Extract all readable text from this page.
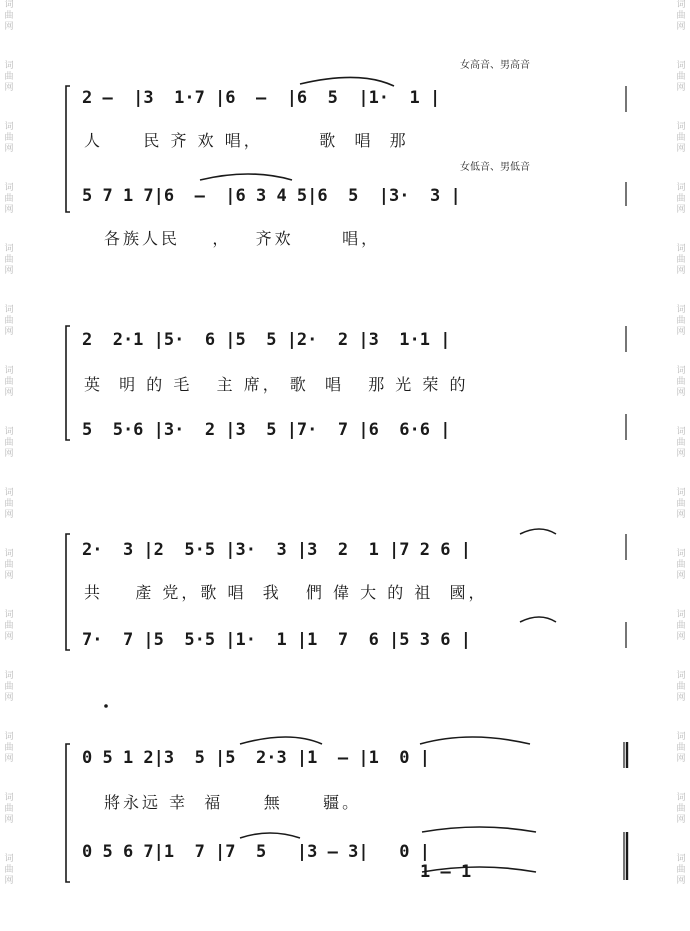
词
曲
网
词
曲
网
词
曲
网
词
曲
网
词
曲
网
词
曲
网
词
曲
网
词
曲
网
词
曲
网
词
曲
网
词
曲
网
词
曲
网
词
曲
网
词
曲
网
词
曲
网
词
曲
网
词
曲
网
词
曲
网
词
曲
网
词
曲
网
词
曲
网
词
曲
网
词
曲
网
词
曲
网
词
曲
网
词
曲
网
词
曲
网
词
曲
网
词
曲
网
词
曲
网
女高音、男高音
女低音、男低音
2 –  |3  1·7 |6  –  |6  5  |1·  1 |
人     民 齐 欢 唱，       歌  唱  那
5 7 1 7|6  –  |6 3 4 5|6  5  |3·  3 |
各族人民    ，   齐欢      唱，
2  2·1 |5·  6 |5  5 |2·  2 |3  1·1 |
英  明 的 毛   主 席， 歌  唱   那 光 荣 的
5  5·6 |3·  2 |3  5 |7·  7 |6  6·6 |
2·  3 |2  5·5 |3·  3 |3  2  1 |7 2 6 |
共    產 党，歌 唱  我   們 偉 大 的 祖  國，
7·  7 |5  5·5 |1·  1 |1  7  6 |5 3 6 |
0 5 1 2|3  5 |5  2·3 |1  – |1  0 |
將永远 幸  福     無     疆。
0 5 6 7|1  7 |7  5   |3 – 3|   0 |
1 – 1
